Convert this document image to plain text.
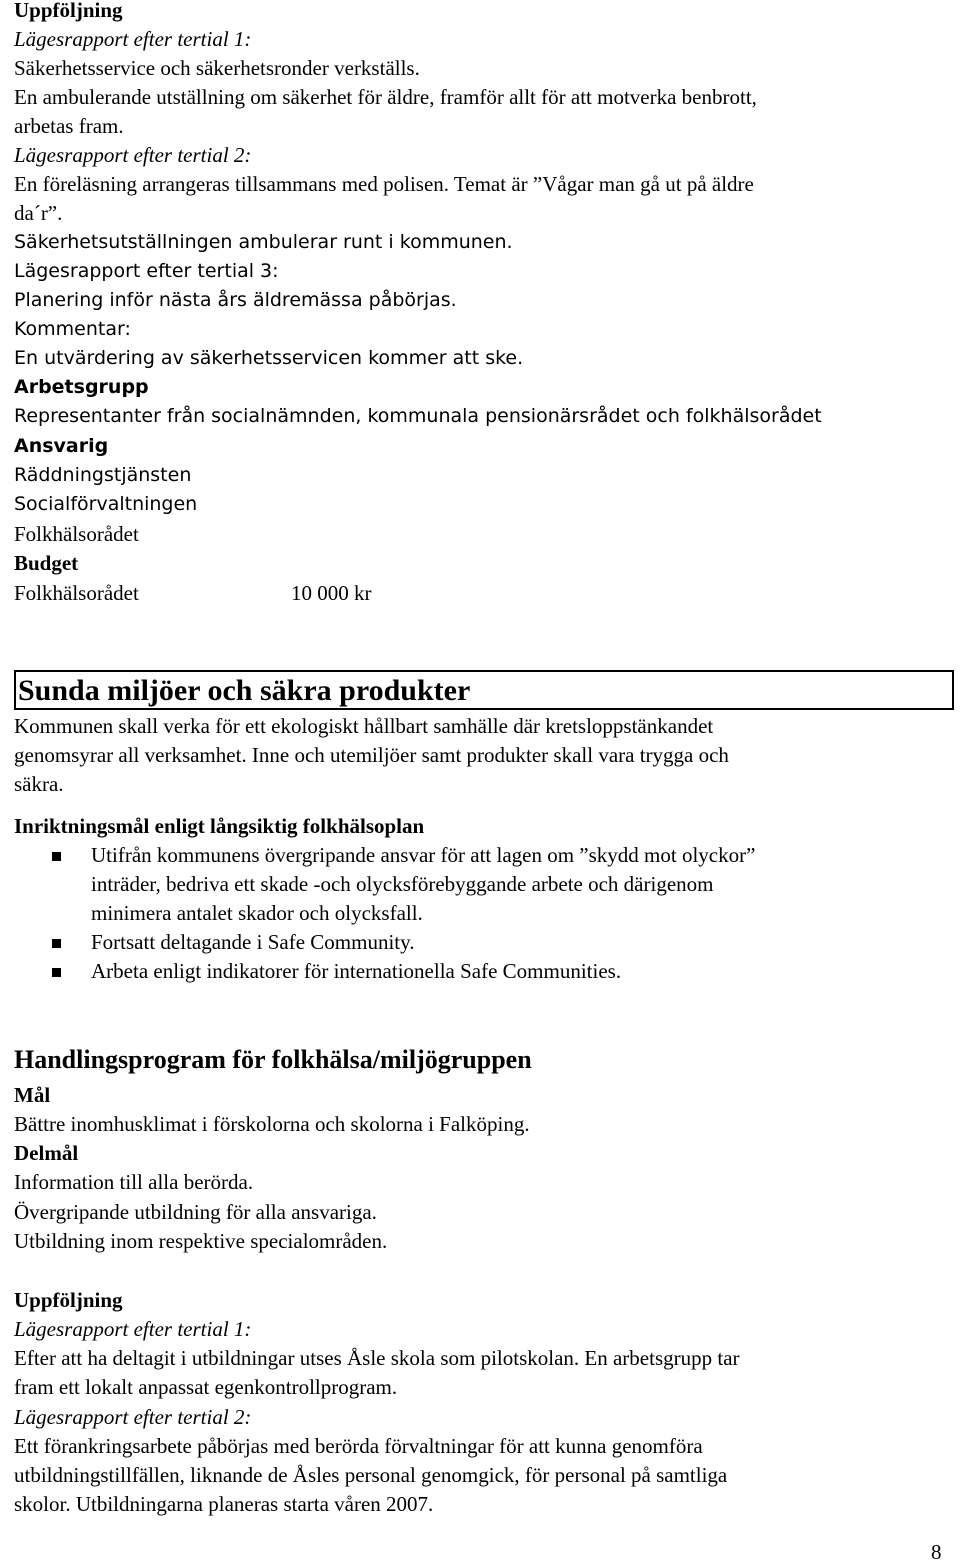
Uppföljning
Lägesrapport efter tertial 1:
Säkerhetsservice och säkerhetsronder verkställs.
En ambulerande utställning om säkerhet för äldre, framför allt för att motverka benbrott,
arbetas fram.
Lägesrapport efter tertial 2:
En föreläsning arrangeras tillsammans med polisen. Temat är ”Vågar man gå ut på äldre
da´r”.
Säkerhetsutställningen ambulerar runt i kommunen.
Lägesrapport efter tertial 3:
Planering inför nästa års äldremässa påbörjas.
Kommentar:
En utvärdering av säkerhetsservicen kommer att ske.
Arbetsgrupp
Representanter från socialnämnden, kommunala pensionärsrådet och folkhälsorådet
Ansvarig
Räddningstjänsten
Socialförvaltningen
Folkhälsorådet
Budget
Folkhälsorådet	10 000 kr
Sunda miljöer och säkra produkter
Kommunen skall verka för ett ekologiskt hållbart samhälle där kretsloppstänkandet
genomsyrar all verksamhet. Inne och utemiljöer samt produkter skall vara trygga och
säkra.
Inriktningsmål enligt långsiktig folkhälsoplan
Utifrån kommunens övergripande ansvar för att lagen om ”skydd mot olyckor”
inträder, bedriva ett skade -och olycksförebyggande arbete och därigenom
minimera antalet skador och olycksfall.
Fortsatt deltagande i Safe Community.
Arbeta enligt indikatorer för internationella Safe Communities.
Handlingsprogram för folkhälsa/miljögruppen
Mål
Bättre inomhusklimat i förskolorna och skolorna i Falköping.
Delmål
Information till alla berörda.
Övergripande utbildning för alla ansvariga.
Utbildning inom respektive specialområden.
Uppföljning
Lägesrapport efter tertial 1:
Efter att ha deltagit i utbildningar utses Åsle skola som pilotskolan. En arbetsgrupp tar
fram ett lokalt anpassat egenkontrollprogram.
Lägesrapport efter tertial 2:
Ett förankringsarbete påbörjas med berörda förvaltningar för att kunna genomföra
utbildningstillfällen, liknande de Åsles personal genomgick, för personal på samtliga
skolor. Utbildningarna planeras starta våren 2007.
8
